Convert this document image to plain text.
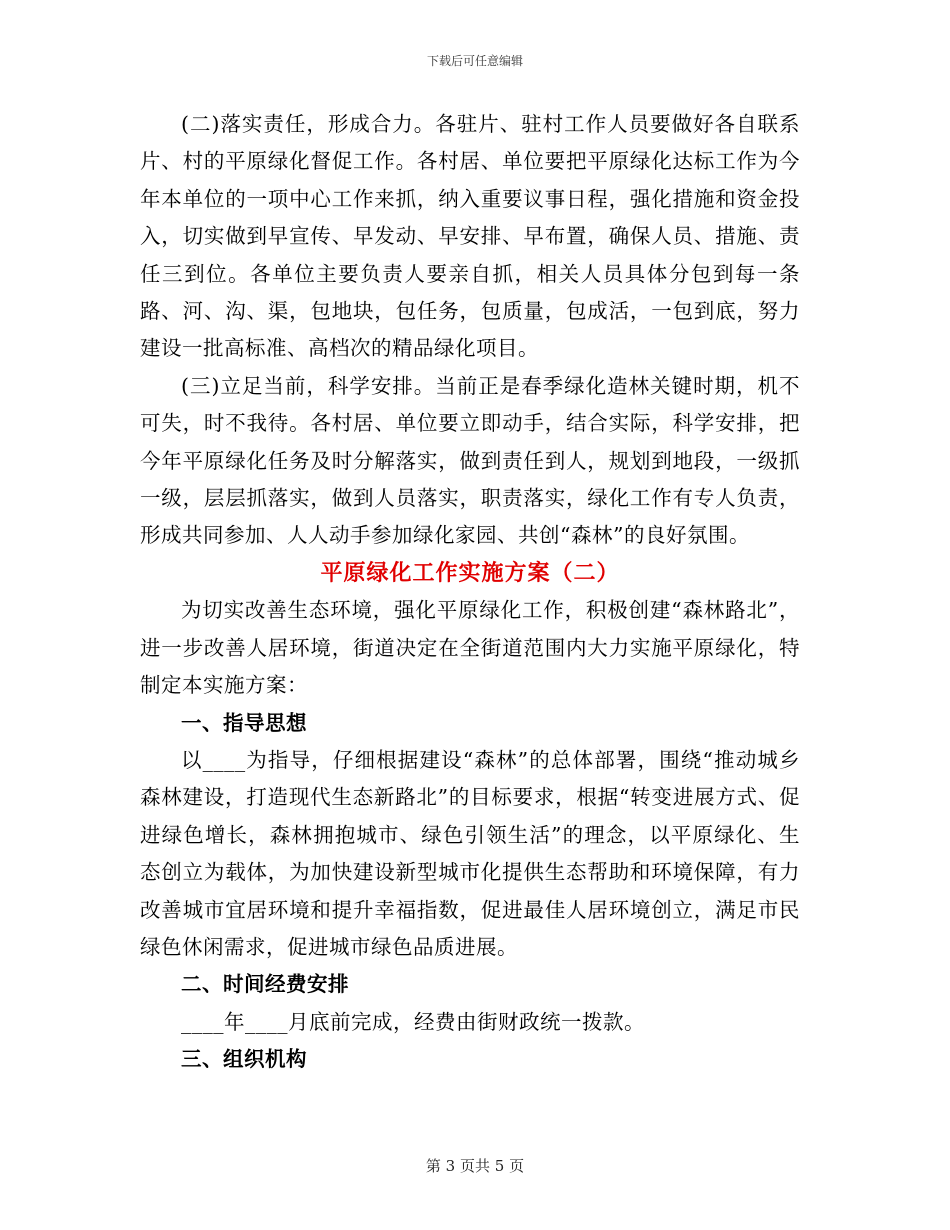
下载后可任意编辑

(二)落实责任，形成合力。各驻片、驻村工作人员要做好各自联系片、村的平原绿化督促工作。各村居、单位要把平原绿化达标工作为今年本单位的一项中心工作来抓，纳入重要议事日程，强化措施和资金投入，切实做到早宣传、早发动、早安排、早布置，确保人员、措施、责任三到位。各单位主要负责人要亲自抓，相关人员具体分包到每一条路、河、沟、渠，包地块，包任务，包质量，包成活，一包到底，努力建设一批高标准、高档次的精品绿化项目。

(三)立足当前，科学安排。当前正是春季绿化造林关键时期，机不可失，时不我待。各村居、单位要立即动手，结合实际，科学安排，把今年平原绿化任务及时分解落实，做到责任到人，规划到地段，一级抓一级，层层抓落实，做到人员落实，职责落实，绿化工作有专人负责，形成共同参加、人人动手参加绿化家园、共创“森林”的良好氛围。

平原绿化工作实施方案（二）

为切实改善生态环境，强化平原绿化工作，积极创建“森林路北”，进一步改善人居环境，街道决定在全街道范围内大力实施平原绿化，特制定本实施方案：

一、指导思想

以____为指导，仔细根据建设“森林”的总体部署，围绕“推动城乡森林建设，打造现代生态新路北”的目标要求，根据“转变进展方式、促进绿色增长，森林拥抱城市、绿色引领生活”的理念，以平原绿化、生态创立为载体，为加快建设新型城市化提供生态帮助和环境保障，有力改善城市宜居环境和提升幸福指数，促进最佳人居环境创立，满足市民绿色休闲需求，促进城市绿色品质进展。

二、时间经费安排

____年____月底前完成，经费由街财政统一拨款。

三、组织机构
第 3 页共 5 页
